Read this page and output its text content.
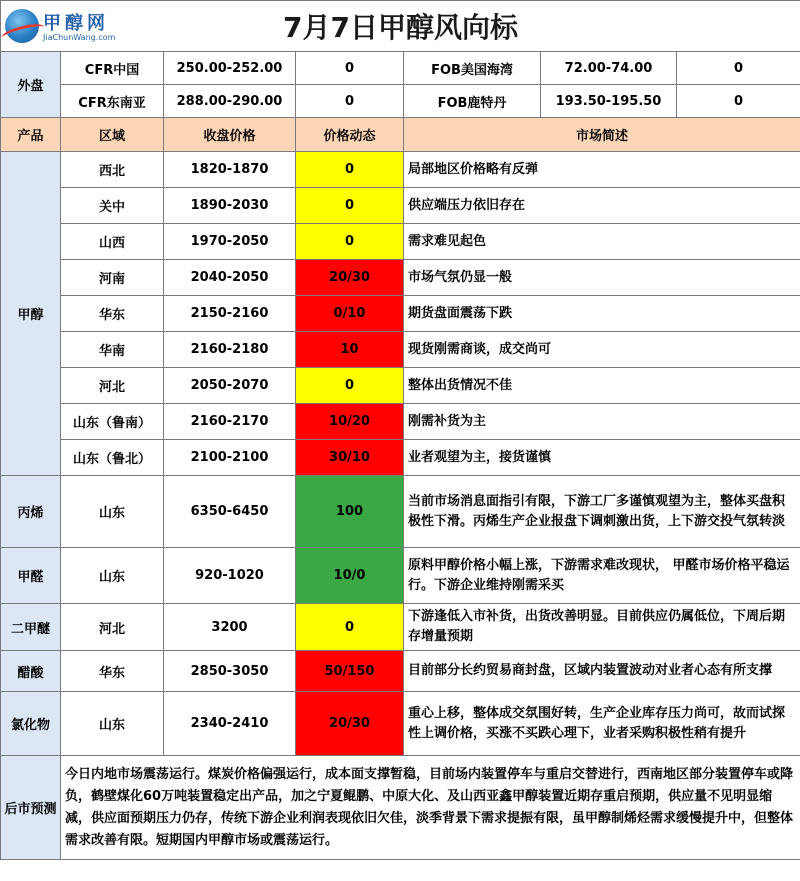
甲醇网
JiaChunWang.com 7月7日甲醇风向标						
外盘	CFR中国	250.00-252.00	0	FOB美国海湾	72.00-74.00	0
	CFR东南亚	288.00-290.00	0	FOB鹿特丹	193.50-195.50	0
产品	区域	收盘价格	价格动态	市场简述		
甲醇	西北	1820-1870	0	局部地区价格略有反弹		
	关中	1890-2030	0	供应端压力依旧存在		
	山西	1970-2050	0	需求难见起色		
	河南	2040-2050	20/30	市场气氛仍显一般		
	华东	2150-2160	0/10	期货盘面震荡下跌		
	华南	2160-2180	10	现货刚需商谈，成交尚可		
	河北	2050-2070	0	整体出货情况不佳		
	山东（鲁南）	2160-2170	10/20	刚需补货为主		
	山东（鲁北）	2100-2100	30/10	业者观望为主，接货谨慎		
丙烯	山东	6350-6450	100	当前市场消息面指引有限，下游工厂多谨慎观望为主，整体买盘积极性下滑。丙烯生产企业报盘下调刺激出货，上下游交投气氛转淡		
甲醛	山东	920-1020	10/0	原料甲醇价格小幅上涨，下游需求难改现状， 甲醛市场价格平稳运行。下游企业维持刚需采买		
二甲醚	河北	3200	0	下游逢低入市补货，出货改善明显。目前供应仍属低位，下周后期存增量预期		
醋酸	华东	2850-3050	50/150	目前部分长约贸易商封盘，区域内装置波动对业者心态有所支撑		
氯化物	山东	2340-2410	20/30	重心上移，整体成交氛围好转，生产企业库存压力尚可，故而试探性上调价格，买涨不买跌心理下，业者采购积极性稍有提升		
后市预测	今日内地市场震荡运行。煤炭价格偏强运行，成本面支撑暂稳，目前场内装置停车与重启交替进行，西南地区部分装置停车或降负，鹤壁煤化60万吨装置稳定出产品，加之宁夏鲲鹏、中原大化、及山西亚鑫甲醇装置近期存重启预期，供应量不见明显缩减，供应面预期压力仍存，传统下游企业利润表现依旧欠佳，淡季背景下需求提振有限，虽甲醇制烯烃需求缓慢提升中，但整体需求改善有限。短期国内甲醇市场或震荡运行。					
